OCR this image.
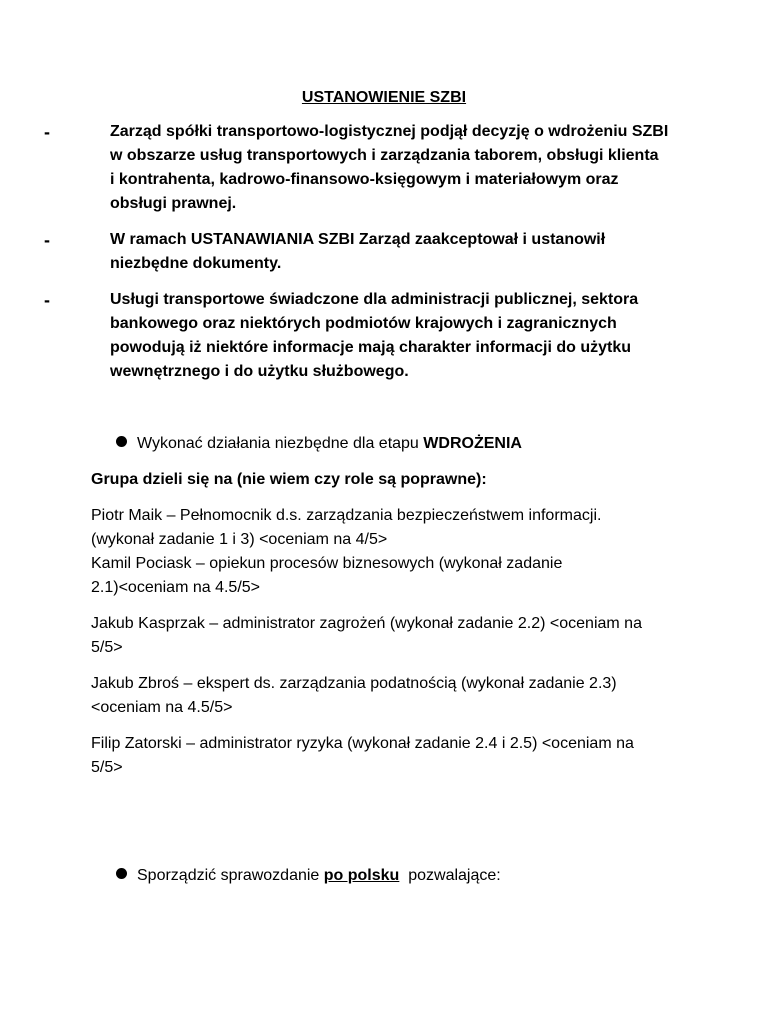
USTANOWIENIE SZBI
-	Zarząd spółki transportowo-logistycznej podjął decyzję o wdrożeniu SZBI
w obszarze usług transportowych i zarządzania taborem, obsługi klienta
i kontrahenta, kadrowo-finansowo-księgowym i materiałowym oraz
obsługi prawnej.
-	W ramach USTANAWIANIA SZBI Zarząd zaakceptował i ustanowił
niezbędne dokumenty.
-	Usługi transportowe świadczone dla administracji publicznej, sektora
bankowego oraz niektórych podmiotów krajowych i zagranicznych
powodują iż niektóre informacje mają charakter informacji do użytku
wewnętrznego i do użytku służbowego.
Wykonać działania niezbędne dla etapu WDROŻENIA
Grupa dzieli się na (nie wiem czy role są poprawne):
Piotr Maik – Pełnomocnik d.s. zarządzania bezpieczeństwem informacji.
(wykonał zadanie 1 i 3) <oceniam na 4/5>
Kamil Pociask – opiekun procesów biznesowych (wykonał zadanie
2.1)<oceniam na 4.5/5>
Jakub Kasprzak – administrator zagrożeń (wykonał zadanie 2.2) <oceniam na
5/5>
Jakub Zbroś – ekspert ds. zarządzania podatnością (wykonał zadanie 2.3)
<oceniam na 4.5/5>
Filip Zatorski – administrator ryzyka (wykonał zadanie 2.4 i 2.5) <oceniam na
5/5>
Sporządzić sprawozdanie po polsku  pozwalające:
